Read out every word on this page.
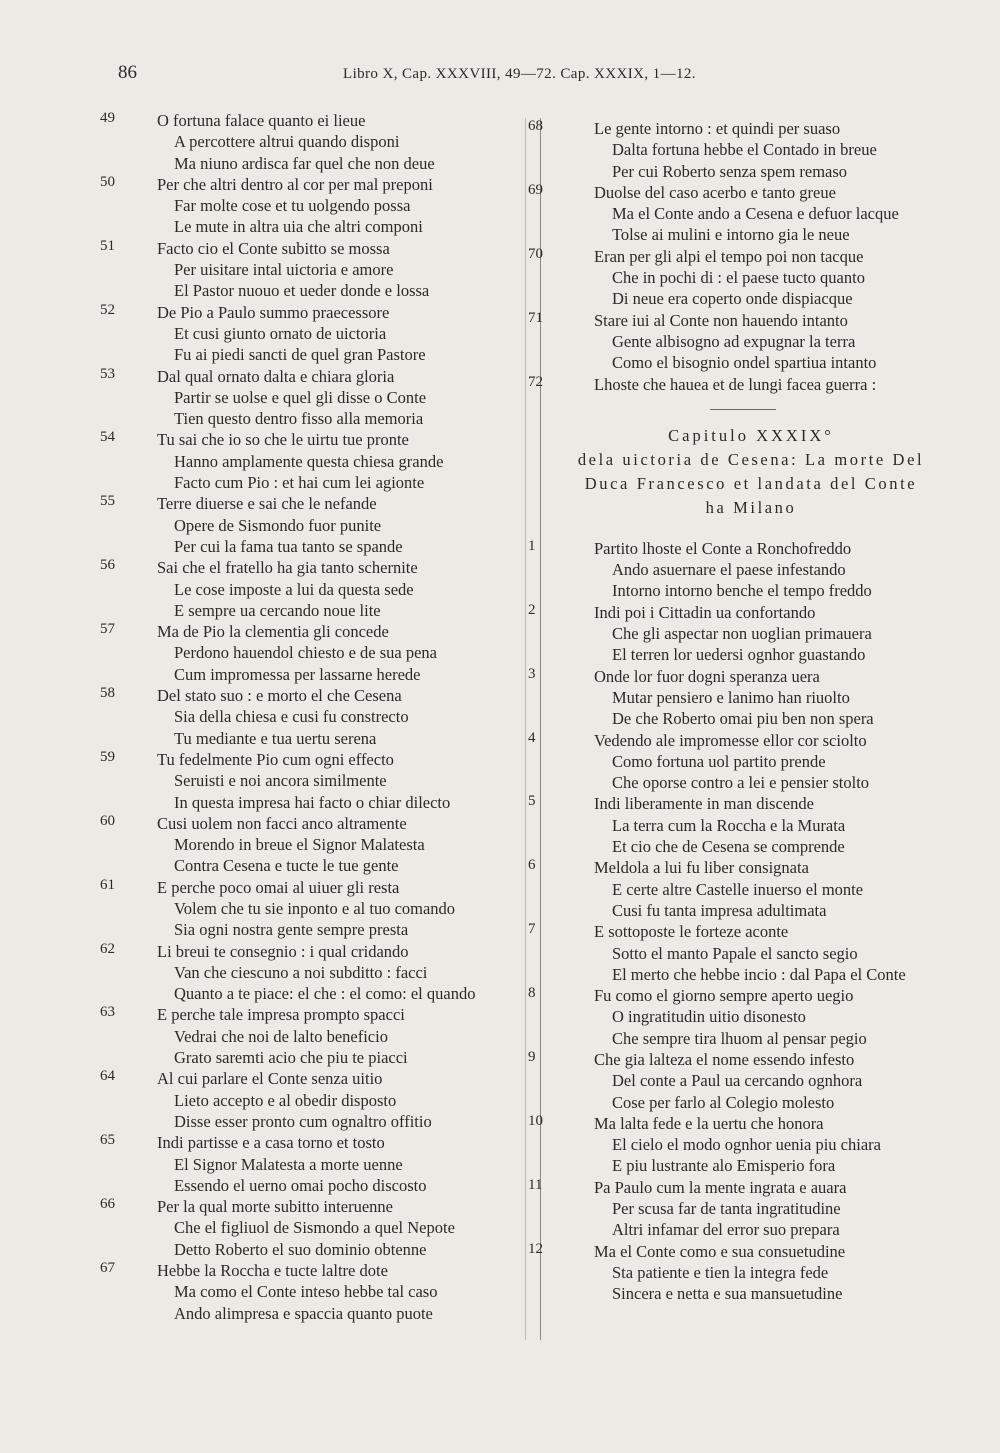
86	Libro X, Cap. XXXVIII, 49—72. Cap. XXXIX, 1—12.
49	O fortuna falace quanto ei lieue
A percottere altrui quando disponi
Ma niuno ardisca far quel che non deue
50	Per che altri dentro al cor per mal preponi
Far molte cose et tu uolgendo possa
Le mute in altra uia che altri componi
51	Facto cio el Conte subitto se mossa
Per uisitare intal uictoria e amore
El Pastor nuouo et ueder donde e lossa
52	De Pio a Paulo summo praecessore
Et cusi giunto ornato de uictoria
Fu ai piedi sancti de quel gran Pastore
53	Dal qual ornato dalta e chiara gloria
Partir se uolse e quel gli disse o Conte
Tien questo dentro fisso alla memoria
54	Tu sai che io so che le uirtu tue pronte
Hanno amplamente questa chiesa grande
Facto cum Pio : et hai cum lei agionte
55	Terre diuerse e sai che le nefande
Opere de Sismondo fuor punite
Per cui la fama tua tanto se spande
56	Sai che el fratello ha gia tanto schernite
Le cose imposte a lui da questa sede
E sempre ua cercando noue lite
57	Ma de Pio la clementia gli concede
Perdono hauendol chiesto e de sua pena
Cum impromessa per lassarne herede
58	Del stato suo : e morto el che Cesena
Sia della chiesa e cusi fu constrecto
Tu mediante e tua uertu serena
59	Tu fedelmente Pio cum ogni effecto
Seruisti e noi ancora similmente
In questa impresa hai facto o chiar dilecto
60	Cusi uolem non facci anco altramente
Morendo in breue el Signor Malatesta
Contra Cesena e tucte le tue gente
61	E perche poco omai al uiuer gli resta
Volem che tu sie inponto e al tuo comando
Sia ogni nostra gente sempre presta
62	Li breui te consegnio : i qual cridando
Van che ciescuno a noi subditto : facci
Quanto a te piace: el che : el como: el quando
63	E perche tale impresa prompto spacci
Vedrai che noi de lalto beneficio
Grato saremti acio che piu te piacci
64	Al cui parlare el Conte senza uitio
Lieto accepto e al obedir disposto
Disse esser pronto cum ognaltro offitio
65	Indi partisse e a casa torno et tosto
El Signor Malatesta a morte uenne
Essendo el uerno omai pocho discosto
66	Per la qual morte subitto interuenne
Che el figliuol de Sismondo a quel Nepote
Detto Roberto el suo dominio obtenne
67	Hebbe la Roccha e tucte laltre dote
Ma como el Conte inteso hebbe tal caso
Ando alimpresa e spaccia quanto puote
68	Le gente intorno : et quindi per suaso
Dalta fortuna hebbe el Contado in breue
Per cui Roberto senza spem remaso
69	Duolse del caso acerbo e tanto greue
Ma el Conte ando a Cesena e defuor lacque
Tolse ai mulini e intorno gia le neue
70	Eran per gli alpi el tempo poi non tacque
Che in pochi di : el paese tucto quanto
Di neue era coperto onde dispiacque
71	Stare iui al Conte non hauendo intanto
Gente albisogno ad expugnar la terra
Como el bisognio ondel spartiua intanto
72	Lhoste che hauea et de lungi facea guerra :
Capitulo XXXIX°
dela uictoria de Cesena: La morte Del
Duca Francesco et landata del Conte
ha Milano
1	Partito lhoste el Conte a Ronchofreddo
Ando asuernare el paese infestando
Intorno intorno benche el tempo freddo
2	Indi poi i Cittadin ua confortando
Che gli aspectar non uoglian primauera
El terren lor uedersi ognhor guastando
3	Onde lor fuor dogni speranza uera
Mutar pensiero e lanimo han riuolto
De che Roberto omai piu ben non spera
4	Vedendo ale impromesse ellor cor sciolto
Como fortuna uol partito prende
Che oporse contro a lei e pensier stolto
5	Indi liberamente in man discende
La terra cum la Roccha e la Murata
Et cio che de Cesena se comprende
6	Meldola a lui fu liber consignata
E certe altre Castelle inuerso el monte
Cusi fu tanta impresa adultimata
7	E sottoposte le forteze aconte
Sotto el manto Papale el sancto segio
El merto che hebbe incio : dal Papa el Conte
8	Fu como el giorno sempre aperto uegio
O ingratitudin uitio disonesto
Che sempre tira lhuom al pensar pegio
9	Che gia lalteza el nome essendo infesto
Del conte a Paul ua cercando ognhora
Cose per farlo al Colegio molesto
10	Ma lalta fede e la uertu che honora
El cielo el modo ognhor uenia piu chiara
E piu lustrante alo Emisperio fora
11	Pa Paulo cum la mente ingrata e auara
Per scusa far de tanta ingratitudine
Altri infamar del error suo prepara
12	Ma el Conte como e sua consuetudine
Sta patiente e tien la integra fede
Sincera e netta e sua mansuetudine
